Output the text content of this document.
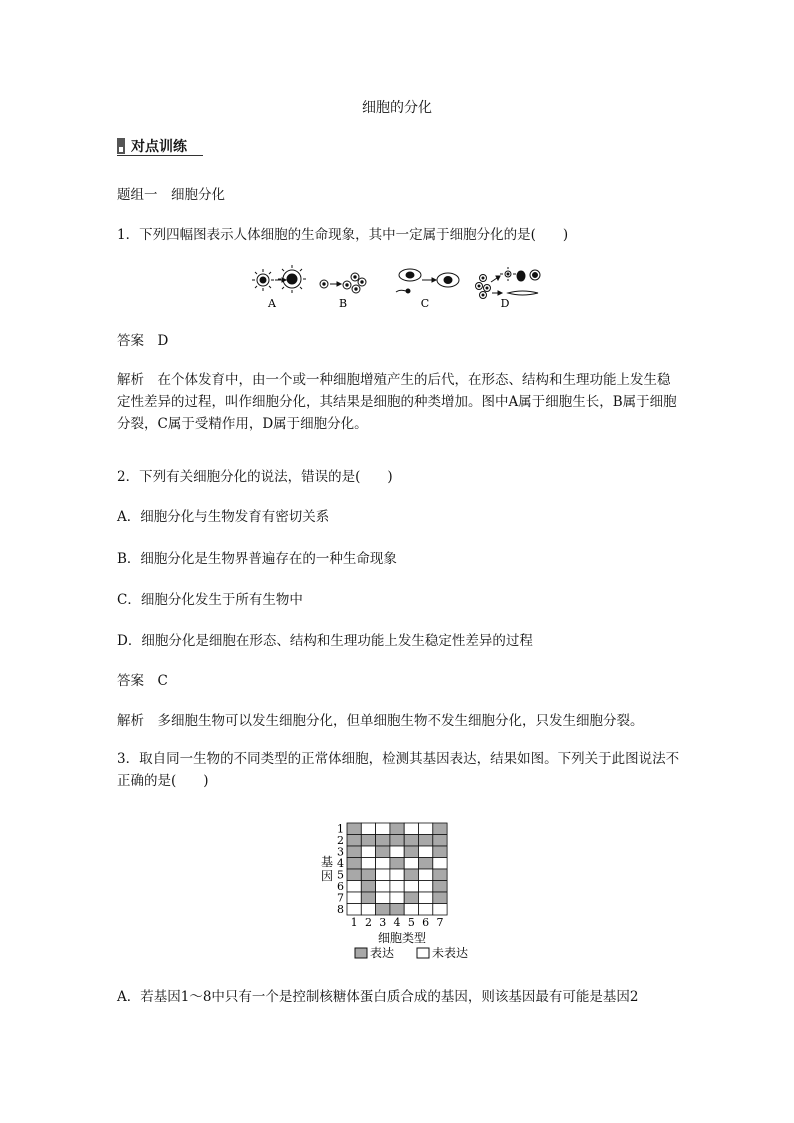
细胞的分化
对点训练
题组一　细胞分化
1．下列四幅图表示人体细胞的生命现象，其中一定属于细胞分化的是(　　)
A	B	C	D
答案　D
解析　在个体发育中，由一个或一种细胞增殖产生的后代，在形态、结构和生理功能上发生稳定性差异的过程，叫作细胞分化，其结果是细胞的种类增加。图中A属于细胞生长，B属于细胞分裂，C属于受精作用，D属于细胞分化。
2．下列有关细胞分化的说法，错误的是(　　)
A．细胞分化与生物发育有密切关系
B．细胞分化是生物界普遍存在的一种生命现象
C．细胞分化发生于所有生物中
D．细胞分化是细胞在形态、结构和生理功能上发生稳定性差异的过程
答案　C
解析　多细胞生物可以发生细胞分化，但单细胞生物不发生细胞分化，只发生细胞分裂。
3．取自同一生物的不同类型的正常体细胞，检测其基因表达，结果如图。下列关于此图说法不正确的是(　　)
1
2
3
4
5
6
7
8
1 2 3 4 5 6 7
基
因
细胞类型
表达	未表达
A．若基因1～8中只有一个是控制核糖体蛋白质合成的基因，则该基因最有可能是基因2
